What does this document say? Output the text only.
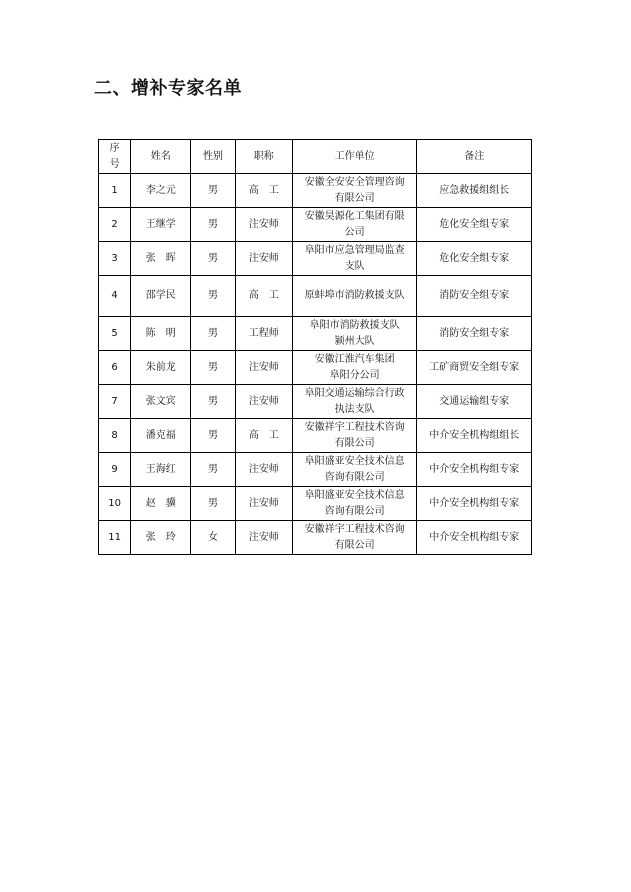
二、增补专家名单
序
号	姓名	性别	职称	工作单位	备注
1	李之元	男	高　工	安徽全安安全管理咨询
有限公司	应急救援组组长
2	王继学	男	注安师	安徽昊源化工集团有限
公司	危化安全组专家
3	张　晖	男	注安师	阜阳市应急管理局监查
支队	危化安全组专家
4	邵学民	男	高　工	原蚌埠市消防救援支队	消防安全组专家
5	陈　明	男	工程师	阜阳市消防救援支队
颍州大队	消防安全组专家
6	朱前龙	男	注安师	安徽江淮汽车集团
阜阳分公司	工矿商贸安全组专家
7	张文宾	男	注安师	阜阳交通运输综合行政
执法支队	交通运输组专家
8	潘克福	男	高　工	安徽祥宇工程技术咨询
有限公司	中介安全机构组组长
9	王海红	男	注安师	阜阳盛亚安全技术信息
咨询有限公司	中介安全机构组专家
10	赵　骥	男	注安师	阜阳盛亚安全技术信息
咨询有限公司	中介安全机构组专家
11	张　玲	女	注安师	安徽祥宇工程技术咨询
有限公司	中介安全机构组专家
